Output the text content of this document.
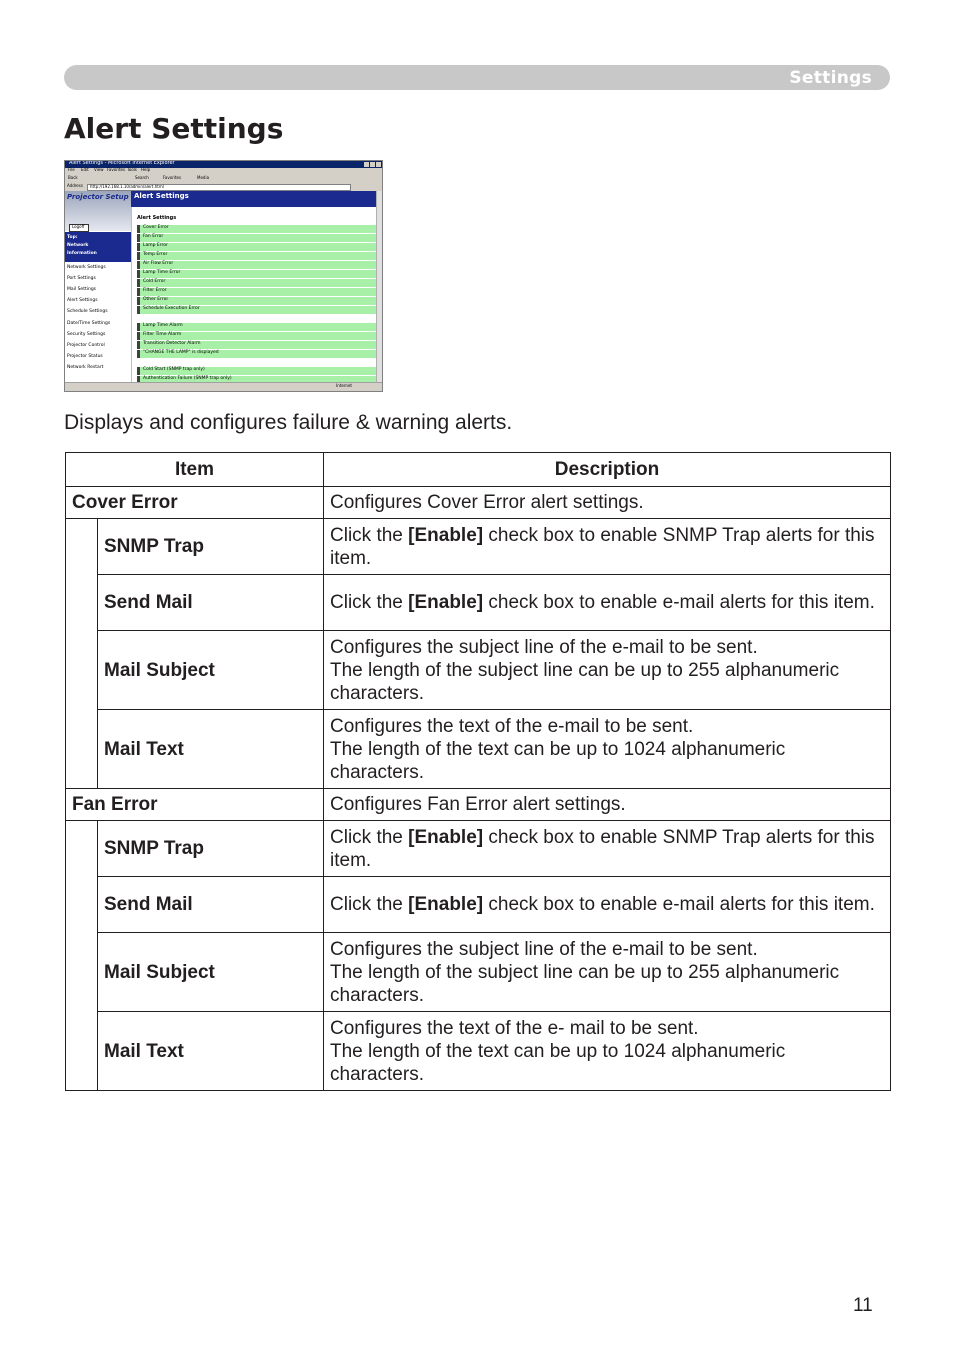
Settings
Alert Settings
Alert Settings - Microsoft Internet Explorer
File Edit View Favorites Tools Help
Back	Search	Favorites	Media
Address http://192.168.1.10/admin/alert.html
Projector Setup
Logoff
Top:
Network
Information
Network Settings
Port Settings
Mail Settings
Alert Settings
Schedule Settings
Date/Time Settings
Security Settings
Projector Control
Projector Status
Network Restart
Alert Settings
Alert Settings
Cover Error
Fan Error
Lamp Error
Temp Error
Air Flow Error
Lamp Time Error
Cold Error
Filter Error
Other Error
Schedule Execution Error
Lamp Time Alarm
Filter Time Alarm
Transition Detector Alarm
"CHANGE THE LAMP" is displayed
Cold Start (SNMP trap only)
Authentication Failure (SNMP trap only)
Internet
Displays and configures failure & warning alerts.
Item		Description
Cover Error		Configures Cover Error alert settings.
	SNMP Trap	Click the [Enable] check box to enable SNMP Trap alerts for this item.
	Send Mail	Click the [Enable] check box to enable e-mail alerts for this item.
	Mail Subject	Configures the subject line of the e-mail to be sent.
The length of the subject line can be up to 255 alphanumeric characters.

	Mail Text	Configures the text of the e-mail to be sent.
The length of the text can be up to 1024 alphanumeric characters.

Fan Error		Configures Fan Error alert settings.
	SNMP Trap	Click the [Enable] check box to enable SNMP Trap alerts for this item.
	Send Mail	Click the [Enable] check box to enable e-mail alerts for this item.
	Mail Subject	Configures the subject line of the e-mail to be sent.
The length of the subject line can be up to 255 alphanumeric characters.

	Mail Text	Configures the text of the e- mail to be sent.
The length of the text can be up to 1024 alphanumeric characters.
11
